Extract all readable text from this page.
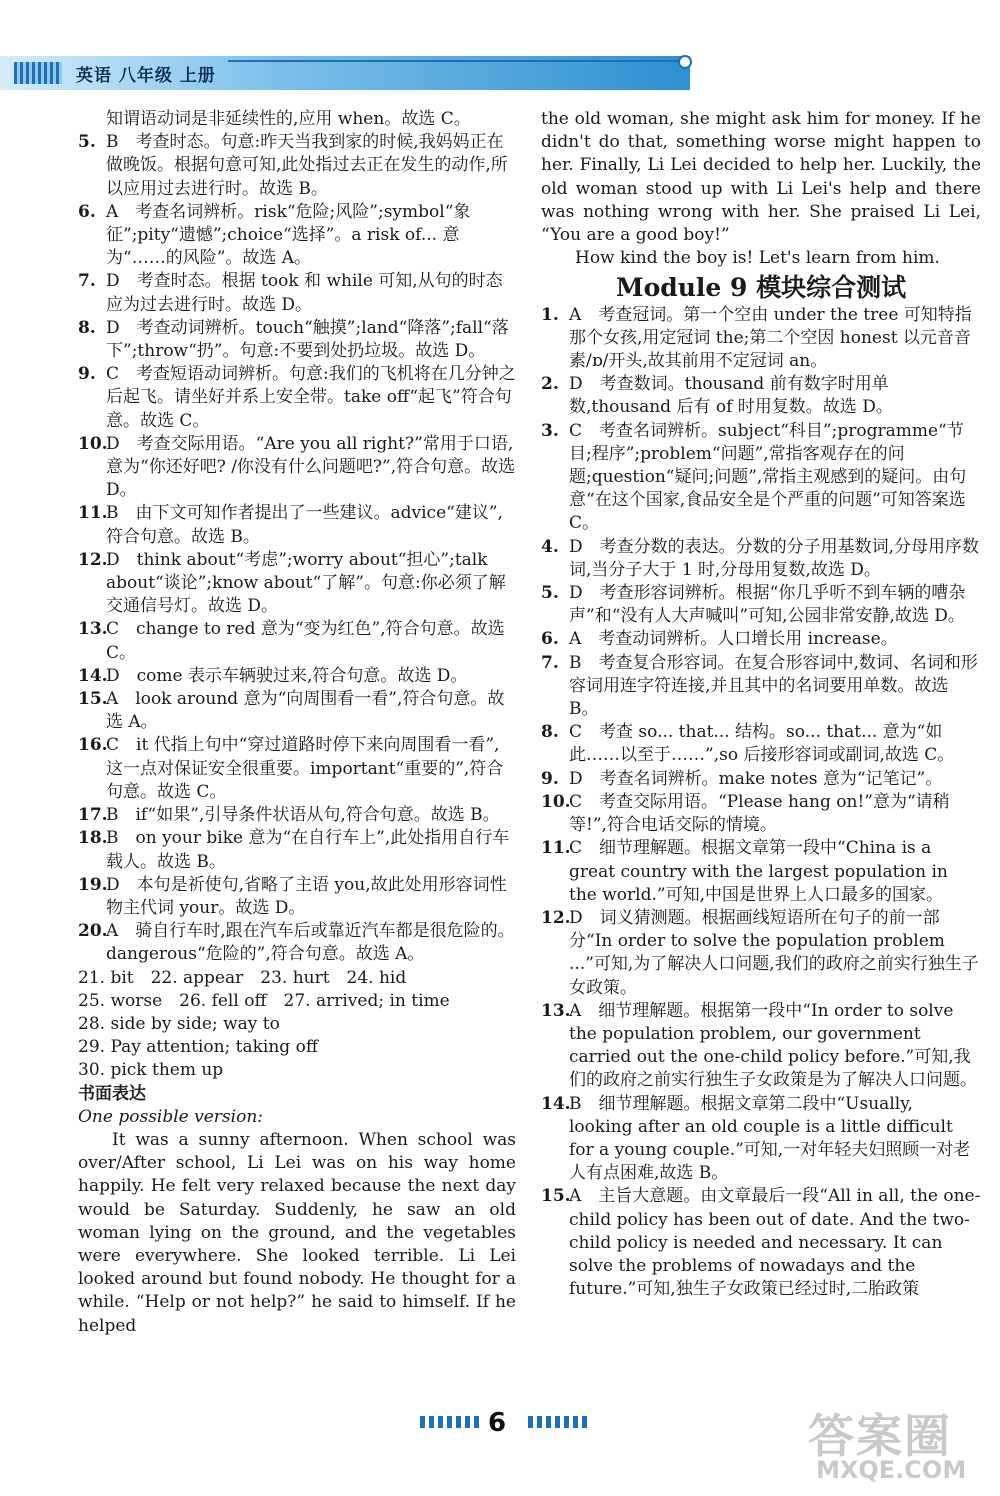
英语 八年级 上册
知谓语动词是非延续性的,应用 when。故选 C。
5. B　考查时态。句意:昨天当我到家的时候,我妈妈正在做晚饭。根据句意可知,此处指过去正在发生的动作,所以应用过去进行时。故选 B。
6. A　考查名词辨析。risk“危险;风险”;symbol“象征”;pity“遗憾”;choice“选择”。a risk of... 意为“……的风险”。故选 A。
7. D　考查时态。根据 took 和 while 可知,从句的时态应为过去进行时。故选 D。
8. D　考查动词辨析。touch“触摸”;land“降落”;fall“落下”;throw“扔”。句意:不要到处扔垃圾。故选 D。
9. C　考查短语动词辨析。句意:我们的飞机将在几分钟之后起飞。请坐好并系上安全带。take off“起飞”符合句意。故选 C。
10.
D　考查交际用语。“Are you all right?”常用于口语,意为“你还好吧? /你没有什么问题吧?”,符合句意。故选 D。
11.
B　由下文可知作者提出了一些建议。advice“建议”,符合句意。故选 B。
12.
D　think about“考虑”;worry about“担心”;talk about“谈论”;know about“了解”。句意:你必须了解交通信号灯。故选 D。
13.
C　change to red 意为“变为红色”,符合句意。故选 C。
14.
D　come 表示车辆驶过来,符合句意。故选 D。
15.
A　look around 意为“向周围看一看”,符合句意。故选 A。
16.
C　it 代指上句中“穿过道路时停下来向周围看一看”,这一点对保证安全很重要。important“重要的”,符合句意。故选 C。
17.
B　if“如果”,引导条件状语从句,符合句意。故选 B。
18.
B　on your bike 意为“在自行车上”,此处指用自行车载人。故选 B。
19.
D　本句是祈使句,省略了主语 you,故此处用形容词性物主代词 your。故选 D。
20.
A　骑自行车时,跟在汽车后或靠近汽车都是很危险的。dangerous“危险的”,符合句意。故选 A。
21. bit　22. appear　23. hurt　24. hid
25. worse　26. fell off　27. arrived; in time
28. side by side; way to
29. Pay attention; taking off
30. pick them up
书面表达
One possible version:
It was a sunny afternoon. When school was over/After school, Li Lei was on his way home happily. He felt very relaxed because the next day would be Saturday. Suddenly, he saw an old woman lying on the ground, and the vegetables were everywhere. She looked terrible. Li Lei looked around but found nobody. He thought for a while. “Help or not help?” he said to himself. If he helped
the old woman, she might ask him for money. If he didn't do that, something worse might happen to her. Finally, Li Lei decided to help her. Luckily, the old woman stood up with Li Lei's help and there was nothing wrong with her. She praised Li Lei, “You are a good boy!”
How kind the boy is! Let's learn from him.
Module 9 模块综合测试
1. A　考查冠词。第一个空由 under the tree 可知特指那个女孩,用定冠词 the;第二个空因 honest 以元音音素/ɒ/开头,故其前用不定冠词 an。
2. D　考查数词。thousand 前有数字时用单数,thousand 后有 of 时用复数。故选 D。
3. C　考查名词辨析。subject“科目”;programme“节目;程序”;problem“问题”,常指客观存在的问题;question“疑问;问题”,常指主观感到的疑问。由句意“在这个国家,食品安全是个严重的问题”可知答案选 C。
4. D　考查分数的表达。分数的分子用基数词,分母用序数词,当分子大于 1 时,分母用复数,故选 D。
5. D　考查形容词辨析。根据“你几乎听不到车辆的嘈杂声”和“没有人大声喊叫”可知,公园非常安静,故选 D。
6. A　考查动词辨析。人口增长用 increase。
7. B　考查复合形容词。在复合形容词中,数词、名词和形容词用连字符连接,并且其中的名词要用单数。故选 B。
8. C　考查 so... that... 结构。so... that... 意为“如此……以至于……”,so 后接形容词或副词,故选 C。
9. D　考查名词辨析。make notes 意为“记笔记”。
10.
C　考查交际用语。“Please hang on!”意为“请稍等!”,符合电话交际的情境。
11.
C　细节理解题。根据文章第一段中“China is a great country with the largest population in the world.”可知,中国是世界上人口最多的国家。
12.
D　词义猜测题。根据画线短语所在句子的前一部分“In order to solve the population problem ...”可知,为了解决人口问题,我们的政府之前实行独生子女政策。
13.
A　细节理解题。根据第一段中“In order to solve the population problem, our government carried out the one-child policy before.”可知,我们的政府之前实行独生子女政策是为了解决人口问题。
14.
B　细节理解题。根据文章第二段中“Usually, looking after an old couple is a little difficult for a young couple.”可知,一对年轻夫妇照顾一对老人有点困难,故选 B。
15.
A　主旨大意题。由文章最后一段“All in all, the one-child policy has been out of date. And the two-child policy is needed and necessary. It can solve the problems of nowadays and the future.”可知,独生子女政策已经过时,二胎政策
6	答案圈
MXQE.COM
